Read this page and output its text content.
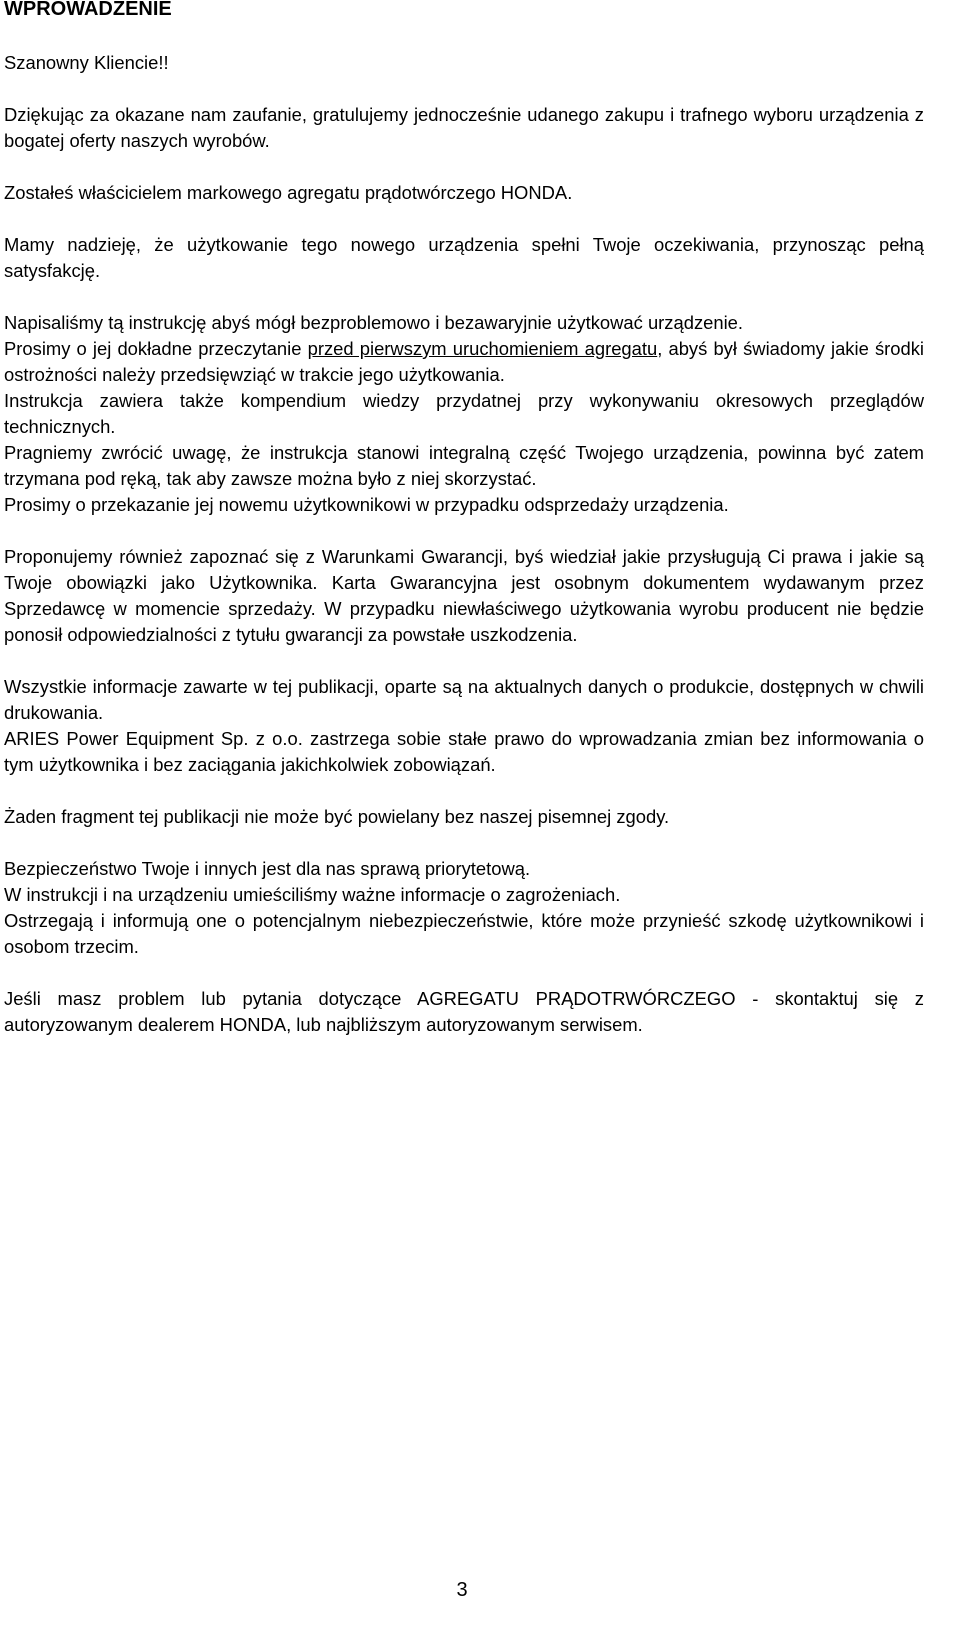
WPROWADZENIE

Szanowny Kliencie!!

Dziękując za okazane nam zaufanie, gratulujemy jednocześnie udanego zakupu i trafnego wyboru urządzenia z bogatej oferty naszych wyrobów.

Zostałeś właścicielem markowego agregatu prądotwórczego HONDA.

Mamy nadzieję, że użytkowanie tego nowego urządzenia spełni Twoje oczekiwania, przynosząc pełną satysfakcję.

Napisaliśmy tą instrukcję abyś mógł bezproblemowo i bezawaryjnie użytkować urządzenie.

Prosimy o jej dokładne przeczytanie przed pierwszym uruchomieniem agregatu, abyś był świadomy jakie środki ostrożności należy przedsięwziąć w trakcie jego użytkowania.

Instrukcja zawiera także kompendium wiedzy przydatnej przy wykonywaniu okresowych przeglądów technicznych.

Pragniemy zwrócić uwagę, że instrukcja stanowi integralną część Twojego urządzenia, powinna być zatem trzymana pod ręką, tak aby zawsze można było z niej skorzystać.

Prosimy o przekazanie jej nowemu użytkownikowi w przypadku odsprzedaży urządzenia.

Proponujemy również zapoznać się z Warunkami Gwarancji, byś wiedział jakie przysługują Ci prawa i jakie są Twoje obowiązki jako Użytkownika. Karta Gwarancyjna jest osobnym dokumentem wydawanym przez Sprzedawcę w momencie sprzedaży. W przypadku niewłaściwego użytkowania wyrobu producent nie będzie ponosił odpowiedzialności z tytułu gwarancji za powstałe uszkodzenia.

Wszystkie informacje zawarte w tej publikacji, oparte są na aktualnych danych o produkcie, dostępnych w chwili drukowania.

ARIES Power Equipment Sp. z o.o. zastrzega sobie stałe prawo do wprowadzania zmian bez informowania o tym użytkownika i bez zaciągania jakichkolwiek zobowiązań.

Żaden fragment tej publikacji nie może być powielany bez naszej pisemnej zgody.

Bezpieczeństwo Twoje i innych jest dla nas sprawą priorytetową.

W instrukcji i na urządzeniu umieściliśmy ważne informacje o zagrożeniach.

Ostrzegają i informują one o potencjalnym niebezpieczeństwie, które może przynieść szkodę użytkownikowi i osobom trzecim.

Jeśli masz problem lub pytania dotyczące AGREGATU PRĄDOTRWÓRCZEGO - skontaktuj się z autoryzowanym dealerem HONDA, lub najbliższym autoryzowanym serwisem.

3
